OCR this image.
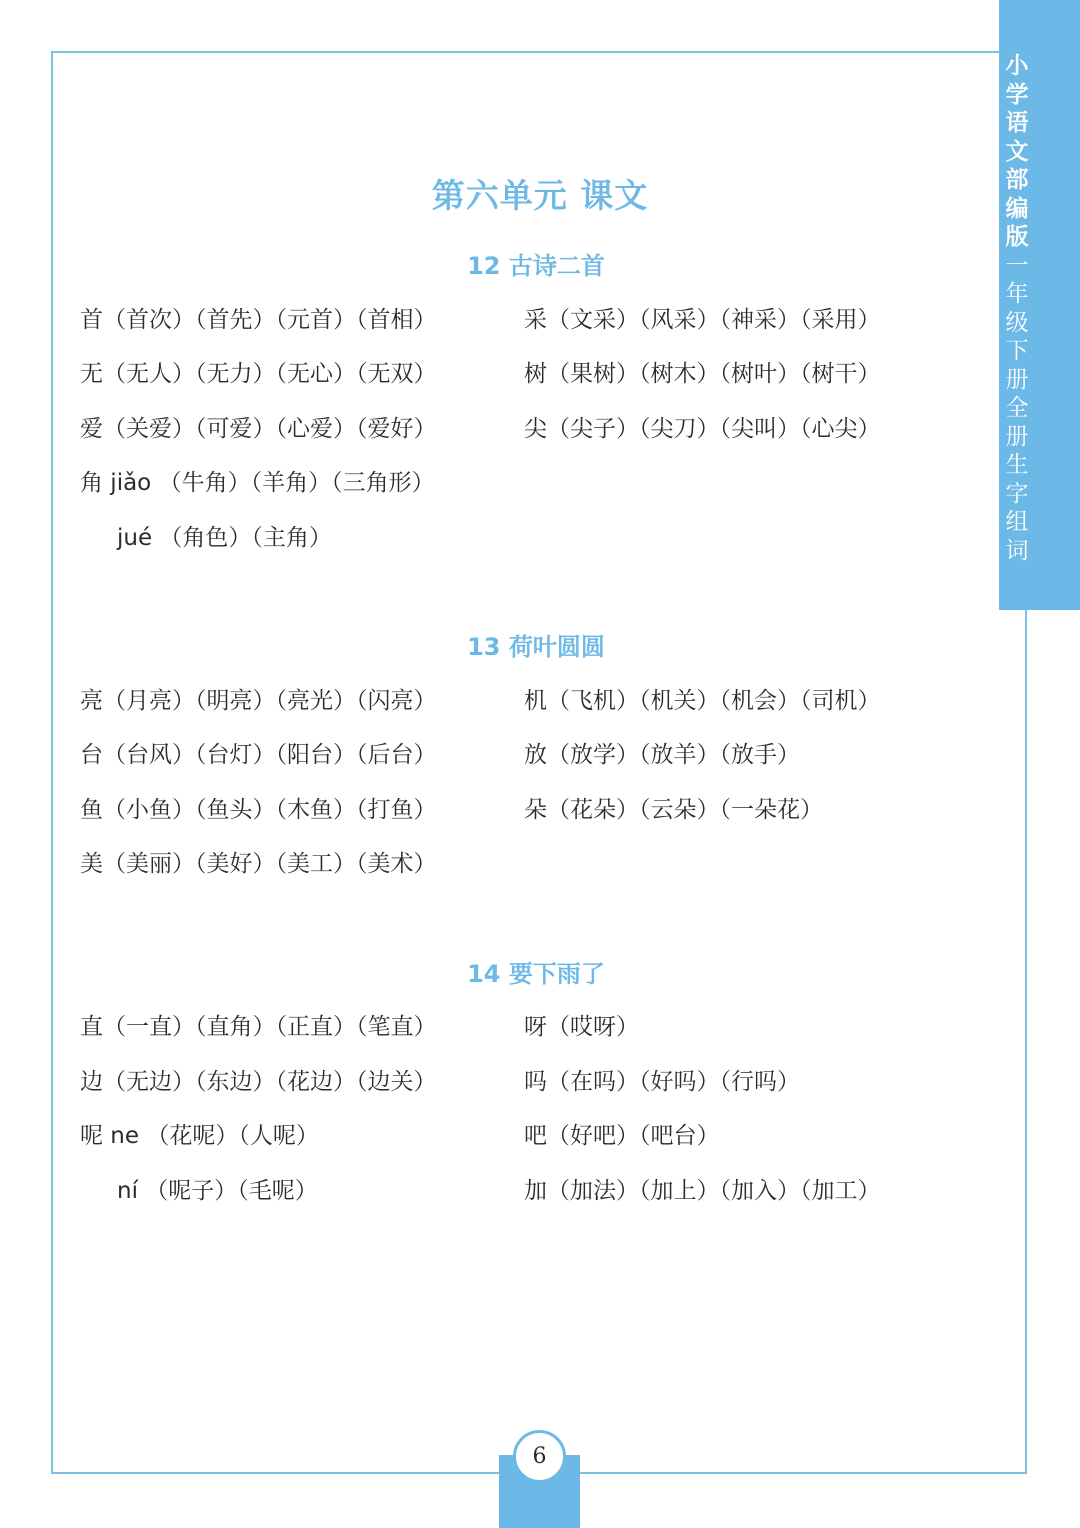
小学语文部编版一年级下册 全册生字组词
第六单元 课文
12 古诗二首
首（首次）（首先）（元首）（首相）
无（无人）（无力）（无心）（无双）
爱（关爱）（可爱）（心爱）（爱好）
角 jiǎo （牛角）（羊角）（三角形）
jué （角色）（主角）
采（文采）（风采）（神采）（采用）
树（果树）（树木）（树叶）（树干）
尖（尖子）（尖刀）（尖叫）（心尖）
13 荷叶圆圆
亮（月亮）（明亮）（亮光）（闪亮）
台（台风）（台灯）（阳台）（后台）
鱼（小鱼）（鱼头）（木鱼）（打鱼）
美（美丽）（美好）（美工）（美术）
机（飞机）（机关）（机会）（司机）
放（放学）（放羊）（放手）
朵（花朵）（云朵）（一朵花）
14 要下雨了
直（一直）（直角）（正直）（笔直）
边（无边）（东边）（花边）（边关）
呢 ne （花呢）（人呢）
ní （呢子）（毛呢）
呀（哎呀）
吗（在吗）（好吗）（行吗）
吧（好吧）（吧台）
加（加法）（加上）（加入）（加工）
6
